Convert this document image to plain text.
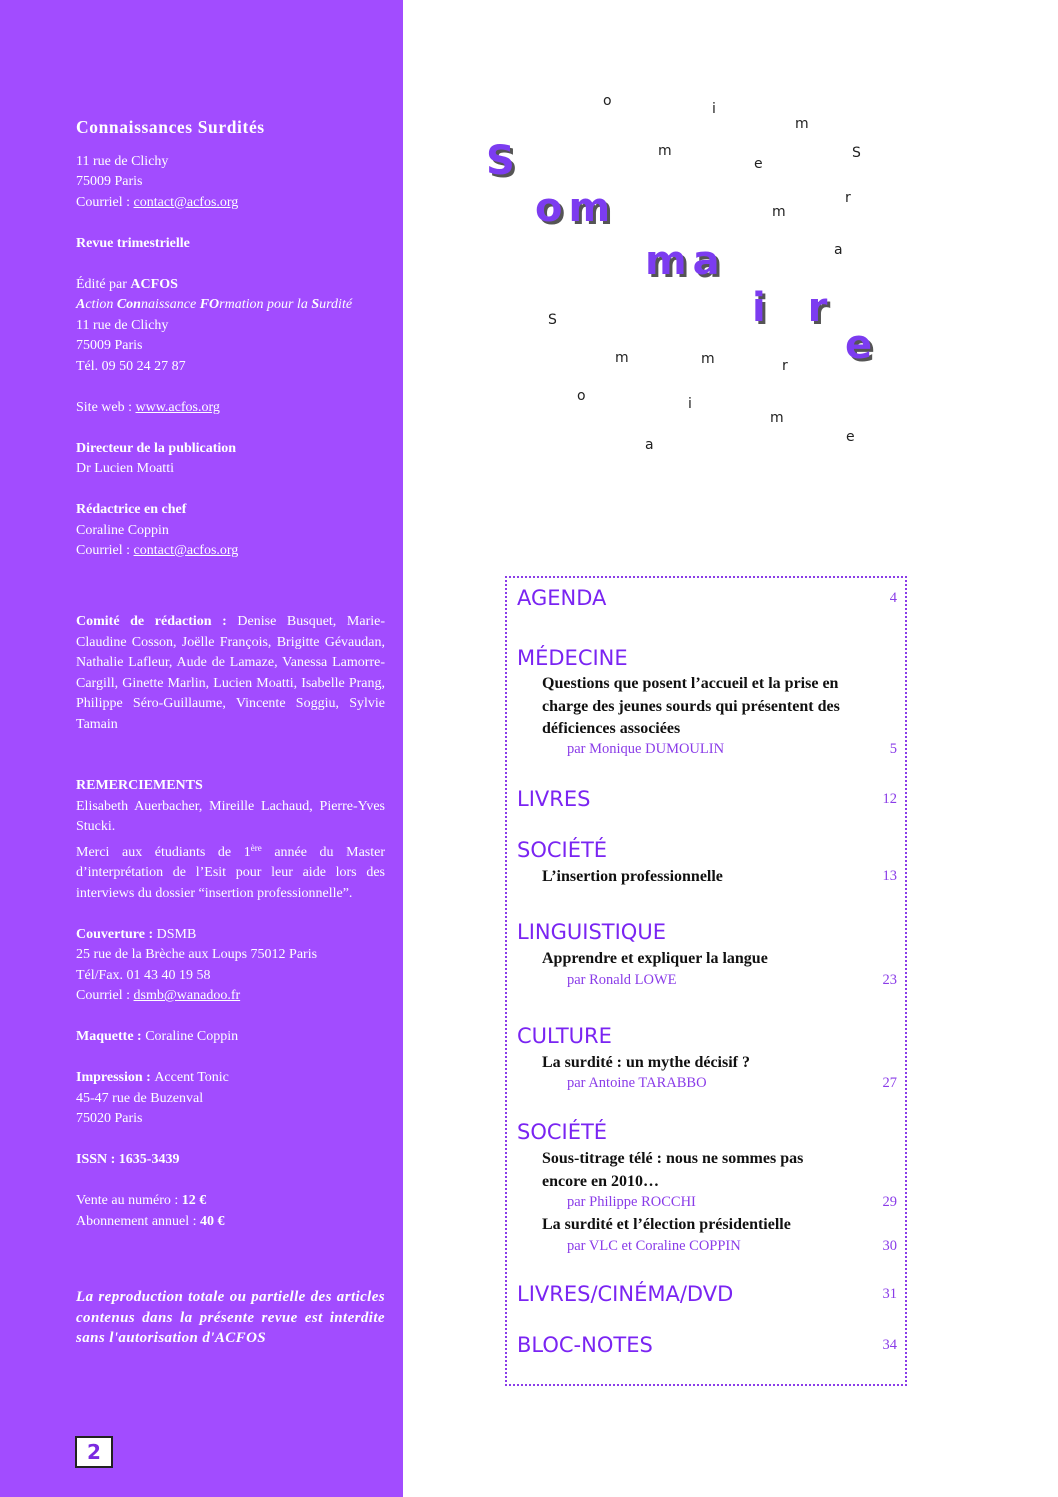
Connaissances Surdités

11 rue de Clichy

75009 Paris

Courriel : contact@acfos.org

Revue trimestrielle

Édité par ACFOS

Action Connaissance FOrmation pour la Surdité

11 rue de Clichy

75009 Paris

Tél. 09 50 24 27 87

Site web : www.acfos.org

Directeur de la publication

Dr Lucien Moatti

Rédactrice en chef

Coraline Coppin

Courriel : contact@acfos.org

Comité de rédaction : Denise Busquet, Marie-Claudine Cosson, Joëlle François, Brigitte Gévaudan, Nathalie Lafleur, Aude de Lamaze, Vanessa Lamorre-Cargill, Ginette Marlin, Lucien Moatti, Isabelle Prang, Philippe Séro-Guillaume, Vincente Soggiu, Sylvie Tamain

REMERCIEMENTS

Elisabeth Auerbacher, Mireille Lachaud, Pierre-Yves Stucki.

Merci aux étudiants de 1ère année du Master d’interprétation de l’Esit pour leur aide lors des interviews du dossier “insertion professionnelle”.

Couverture : DSMB

25 rue de la Brèche aux Loups 75012 Paris

Tél/Fax. 01 43 40 19 58

Courriel : dsmb@wanadoo.fr

Maquette : Coraline Coppin

Impression : Accent Tonic

45-47 rue de Buzenval

75020 Paris

ISSN : 1635-3439

Vente au numéro : 12 €

Abonnement annuel : 40 €

La reproduction totale ou partielle des articles contenus dans la présente revue est interdite sans l'autorisation d'ACFOS
2
S
om
ma
i r
e
o	i
m
m
e
S
r
m
a
S
m	m	r
o	i
m
e
a
AGENDA	4
MÉDECINE
Questions que posent l’accueil et la prise en charge des jeunes sourds qui présentent des déficiences associées
par Monique DUMOULIN	5
LIVRES	12
SOCIÉTÉ
L’insertion professionnelle	13
LINGUISTIQUE
Apprendre et expliquer la langue
par Ronald LOWE	23
CULTURE
La surdité : un mythe décisif ?
par Antoine TARABBO	27
SOCIÉTÉ
Sous-titrage télé : nous ne sommes pas encore en 2010…
par Philippe ROCCHI	29
La surdité et l’élection présidentielle
par VLC et Coraline COPPIN	30
LIVRES/CINÉMA/DVD	31
BLOC-NOTES	34
